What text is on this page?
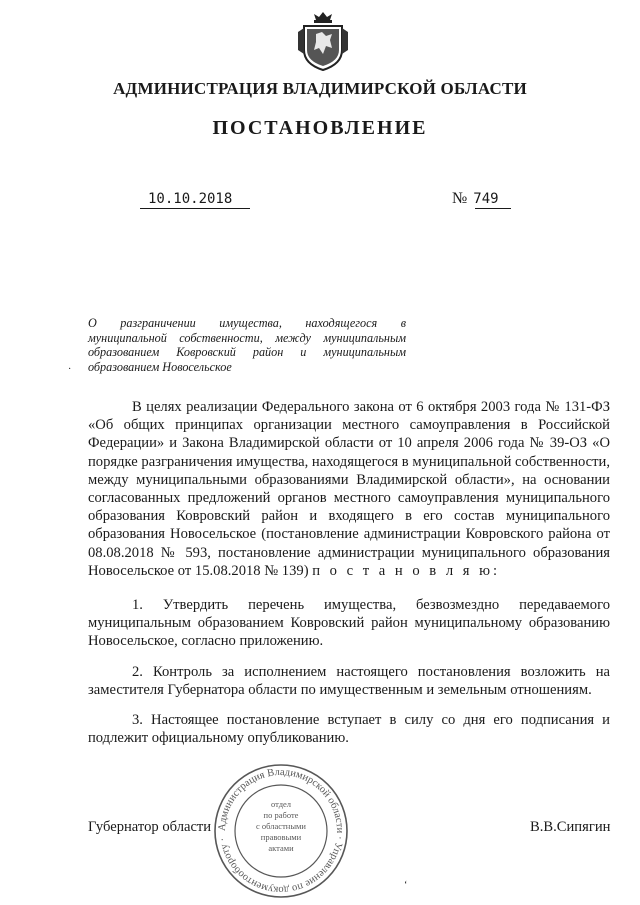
АДМИНИСТРАЦИЯ ВЛАДИМИРСКОЙ ОБЛАСТИ
ПОСТАНОВЛЕНИЕ
10.10.2018	№ 749
О разграничении имущества, находящегося в муниципальной собственности, между муниципальным образованием Ковровский район и муниципальным образованием Новосельское
·

В целях реализации Федерального закона от 6 октября 2003 года № 131-ФЗ «Об общих принципах организации местного самоуправления в Российской Федерации» и Закона Владимирской области от 10 апреля 2006 года № 39-ОЗ «О порядке разграничения имущества, находящегося в муниципальной собственности, между муниципальными образованиями Владимирской области», на основании согласованных предложений органов местного самоуправления муниципального образования Ковровский район и входящего в его состав муниципального образования Новосельское (постановление администрации Ковровского района от 08.08.2018 № 593, постановление администрации муниципального образования Новосельское от 15.08.2018 № 139) п о с т а н о в л я ю:

1. Утвердить перечень имущества, безвозмездно передаваемого муниципальным образованием Ковровский район муниципальному образованию Новосельское, согласно приложению.

2. Контроль за исполнением настоящего постановления возложить на заместителя Губернатора области по имущественным и земельным отношениям.

3. Настоящее постановление вступает в силу со дня его подписания и подлежит официальному опубликованию.

Губернатор области	В.В.Сипягин
Администрация Владимирской области · Управление по документообороту ·
отдел
по работе
с областными
правовыми
актами
‘
